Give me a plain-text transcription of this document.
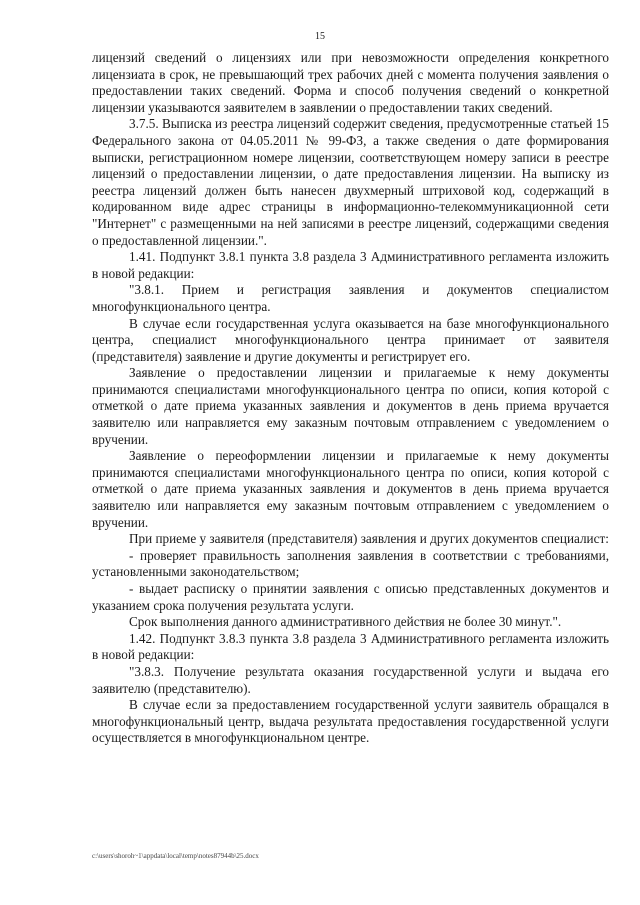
15

лицензий сведений о лицензиях или при невозможности определения конкретного лицензиата в срок, не превышающий трех рабочих дней с момента получения заявления о предоставлении таких сведений. Форма и способ получения сведений о конкретной лицензии указываются заявителем в заявлении о предоставлении таких сведений.

3.7.5. Выписка из реестра лицензий содержит сведения, предусмотренные статьей 15 Федерального закона от 04.05.2011 № 99-ФЗ, а также сведения о дате формирования выписки, регистрационном номере лицензии, соответствующем номеру записи в реестре лицензий о предоставлении лицензии, о дате предоставления лицензии. На выписку из реестра лицензий должен быть нанесен двухмерный штриховой код, содержащий в кодированном виде адрес страницы в информационно-телекоммуникационной сети "Интернет" с размещенными на ней записями в реестре лицензий, содержащими сведения о предоставленной лицензии.".

1.41. Подпункт 3.8.1 пункта 3.8 раздела 3 Административного регламента изложить в новой редакции:

"3.8.1. Прием и регистрация заявления и документов специалистом многофункционального центра.

В случае если государственная услуга оказывается на базе многофункционального центра, специалист многофункционального центра принимает от заявителя (представителя) заявление и другие документы и регистрирует его.

Заявление о предоставлении лицензии и прилагаемые к нему документы принимаются специалистами многофункционального центра по описи, копия которой с отметкой о дате приема указанных заявления и документов в день приема вручается заявителю или направляется ему заказным почтовым отправлением с уведомлением о вручении.

Заявление о переоформлении лицензии и прилагаемые к нему документы принимаются специалистами многофункционального центра по описи, копия которой с отметкой о дате приема указанных заявления и документов в день приема вручается заявителю или направляется ему заказным почтовым отправлением с уведомлением о вручении.

При приеме у заявителя (представителя) заявления и других документов специалист:

- проверяет правильность заполнения заявления в соответствии с требованиями, установленными законодательством;

- выдает расписку о принятии заявления с описью представленных документов и указанием срока получения результата услуги.

Срок выполнения данного административного действия не более 30 минут.".

1.42. Подпункт 3.8.3 пункта 3.8 раздела 3 Административного регламента изложить в новой редакции:

"3.8.3. Получение результата оказания государственной услуги и выдача его заявителю (представителю).

В случае если за предоставлением государственной услуги заявитель обращался в многофункциональный центр, выдача результата предоставления государственной услуги осуществляется в многофункциональном центре.

c:\users\shoroh~1\appdata\local\temp\notes87944b\25.docx
